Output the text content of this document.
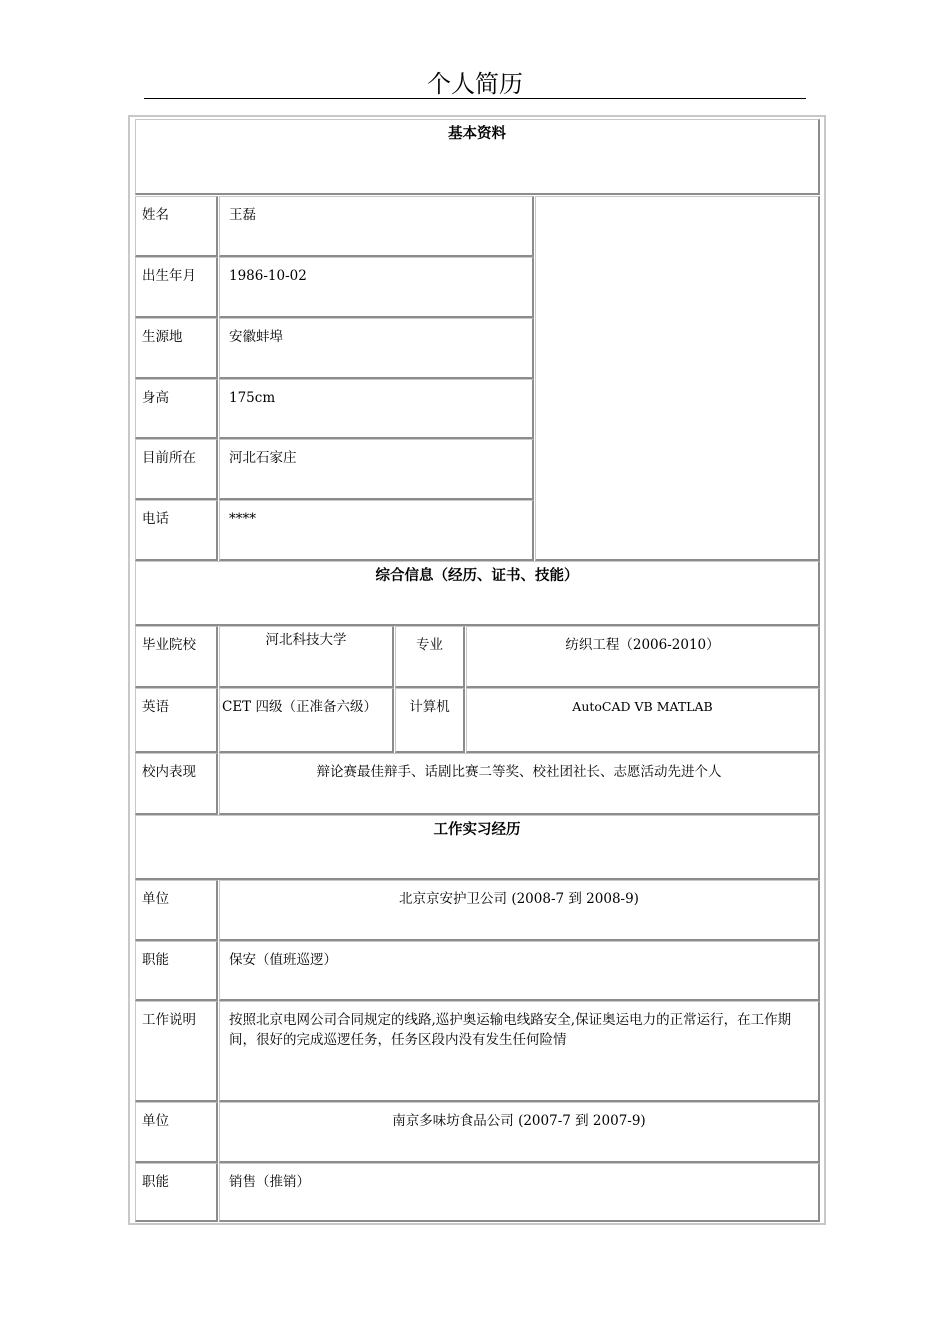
个人简历
基本资料
姓名	王磊
出生年月	1986-10-02
生源地	安徽蚌埠
身高	175cm
目前所在	河北石家庄
电话	****
综合信息（经历、证书、技能）
毕业院校	河北科技大学	专业	纺织工程（2006-2010）
英语	CET 四级（正准备六级）	计算机	AutoCAD VB MATLAB
校内表现	辩论赛最佳辩手、话剧比赛二等奖、校社团社长、志愿活动先进个人
工作实习经历
单位	北京京安护卫公司 (2008-7 到 2008-9)
职能	保安（值班巡逻）
工作说明	按照北京电网公司合同规定的线路,巡护奥运输电线路安全,保证奥运电力的正常运行，在工作期间，很好的完成巡逻任务，任务区段内没有发生任何险情
单位	南京多味坊食品公司 (2007-7 到 2007-9)
职能	销售（推销）
